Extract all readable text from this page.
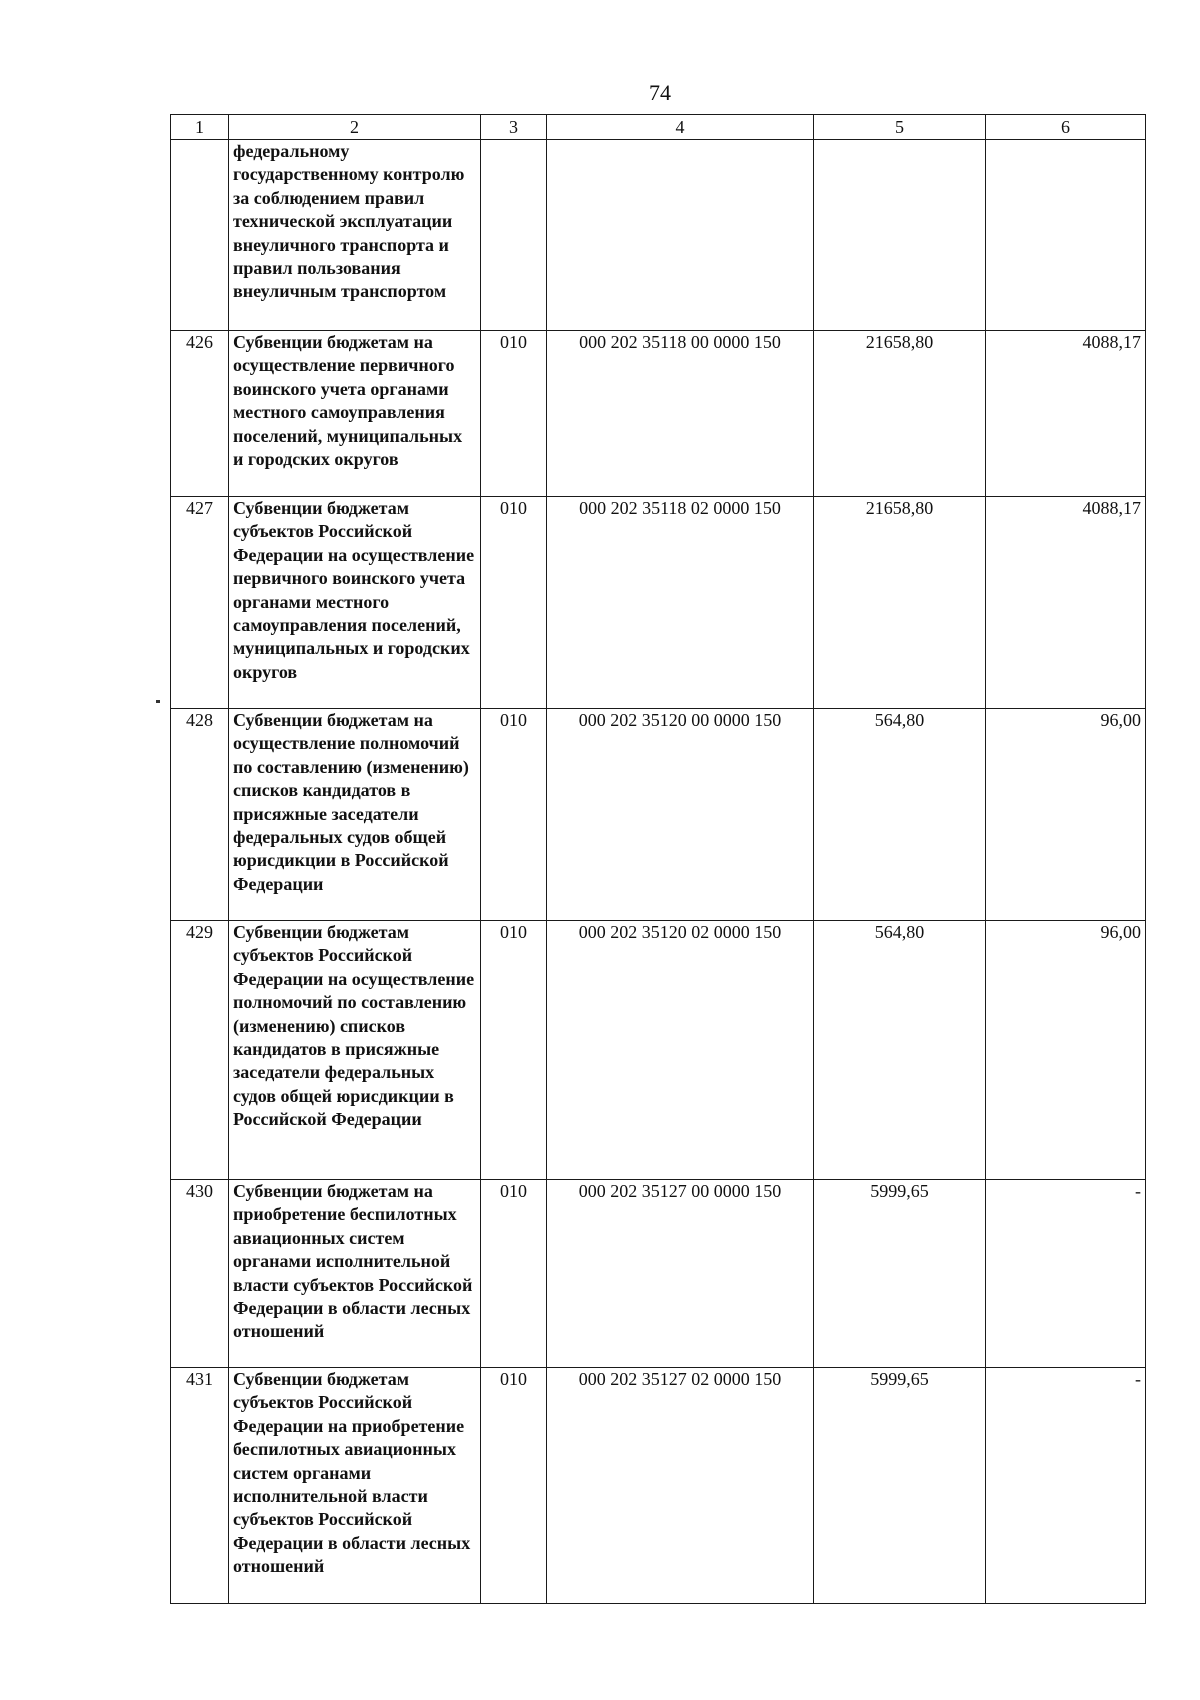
74
1	2	3	4	5	6
	федеральному государственному контролю за соблюдением правил технической эксплуатации внеуличного транспорта и правил пользования внеуличным транспортом				
426	Субвенции бюджетам на осуществление первичного воинского учета органами местного самоуправления поселений, муниципальных и городских округов	010	000 202 35118 00 0000 150	21658,80	4088,17
427	Субвенции бюджетам субъектов Российской Федерации на осуществление первичного воинского учета органами местного самоуправления поселений, муниципальных и городских округов	010	000 202 35118 02 0000 150	21658,80	4088,17
428	Субвенции бюджетам на осуществление полномочий по составлению (изменению) списков кандидатов в присяжные заседатели федеральных судов общей юрисдикции в Российской Федерации	010	000 202 35120 00 0000 150	564,80	96,00
429	Субвенции бюджетам субъектов Российской Федерации на осуществление полномочий по составлению (изменению) списков кандидатов в присяжные заседатели федеральных судов общей юрисдикции в Российской Федерации	010	000 202 35120 02 0000 150	564,80	96,00
430	Субвенции бюджетам на приобретение беспилотных авиационных систем органами исполнительной власти субъектов Российской Федерации в области лесных отношений	010	000 202 35127 00 0000 150	5999,65	-
431	Субвенции бюджетам субъектов Российской Федерации на приобретение беспилотных авиационных систем органами исполнительной власти субъектов Российской Федерации в области лесных отношений	010	000 202 35127 02 0000 150	5999,65	-
